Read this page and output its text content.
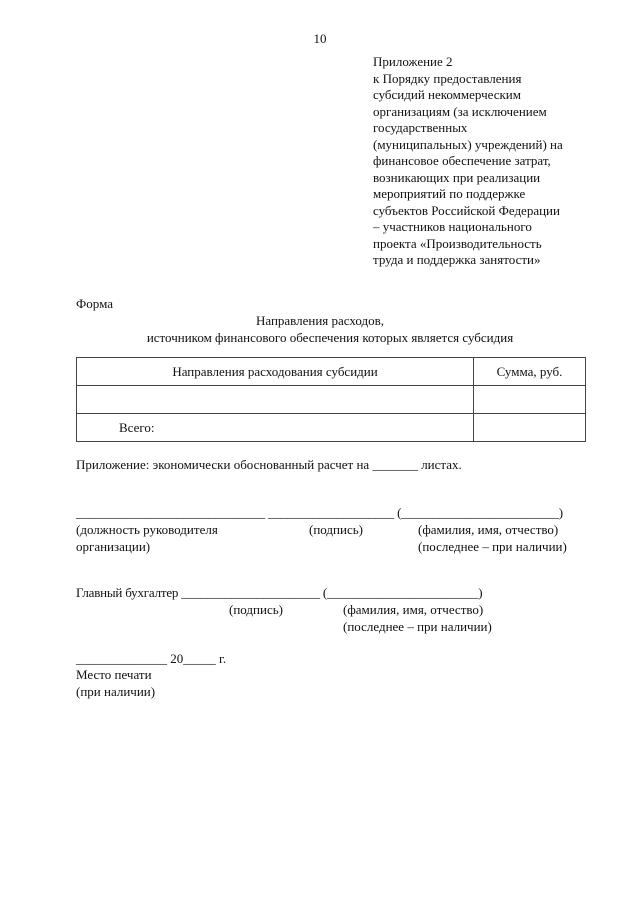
10
Приложение 2
к Порядку предоставления
субсидий некоммерческим
организациям (за исключением
государственных
(муниципальных) учреждений) на
финансовое обеспечение затрат,
возникающих при реализации
мероприятий по поддержке
субъектов Российской Федерации
– участников национального
проекта «Производительность
труда и поддержка занятости»
Форма
Направления расходов,
источником финансового обеспечения которых является субсидия
Направления расходования субсидии	Сумма, руб.

Всего:	
Приложение: экономически обоснованный расчет на _______ листах.
______________________________ ____________________ (_________________________)
(должность руководителя
организации)
(подпись)	(фамилия, имя, отчество)
(последнее – при наличии)
Главный бухгалтер ______________________ (________________________)
(подпись)	(фамилия, имя, отчество)
(последнее – при наличии)
______________ 20_____ г.
Место печати
(при наличии)
